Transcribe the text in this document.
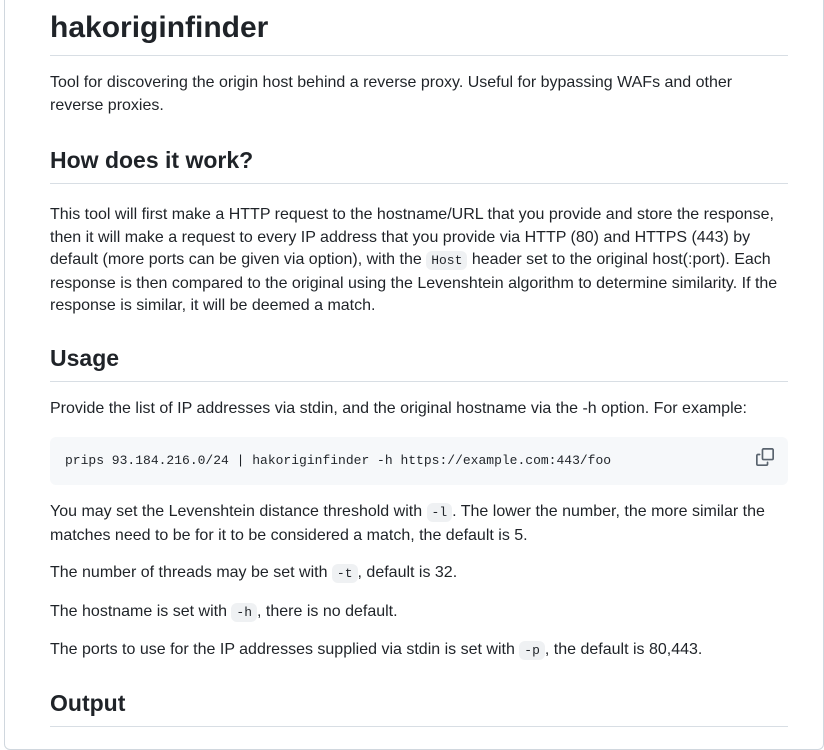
hakoriginfinder

Tool for discovering the origin host behind a reverse proxy. Useful for bypassing WAFs and other reverse proxies.

How does it work?

This tool will first make a HTTP request to the hostname/URL that you provide and store the response, then it will make a request to every IP address that you provide via HTTP (80) and HTTPS (443) by default (more ports can be given via option), with the Host header set to the original host(:port). Each response is then compared to the original using the Levenshtein algorithm to determine similarity. If the response is similar, it will be deemed a match.

Usage

Provide the list of IP addresses via stdin, and the original hostname via the -h option. For example:

prips 93.184.216.0/24 | hakoriginfinder -h https://example.com:443/foo

You may set the Levenshtein distance threshold with -l . The lower the number, the more similar the matches need to be for it to be considered a match, the default is 5.

The number of threads may be set with -t , default is 32.

The hostname is set with -h , there is no default.

The ports to use for the IP addresses supplied via stdin is set with -p , the default is 80,443.

Output
